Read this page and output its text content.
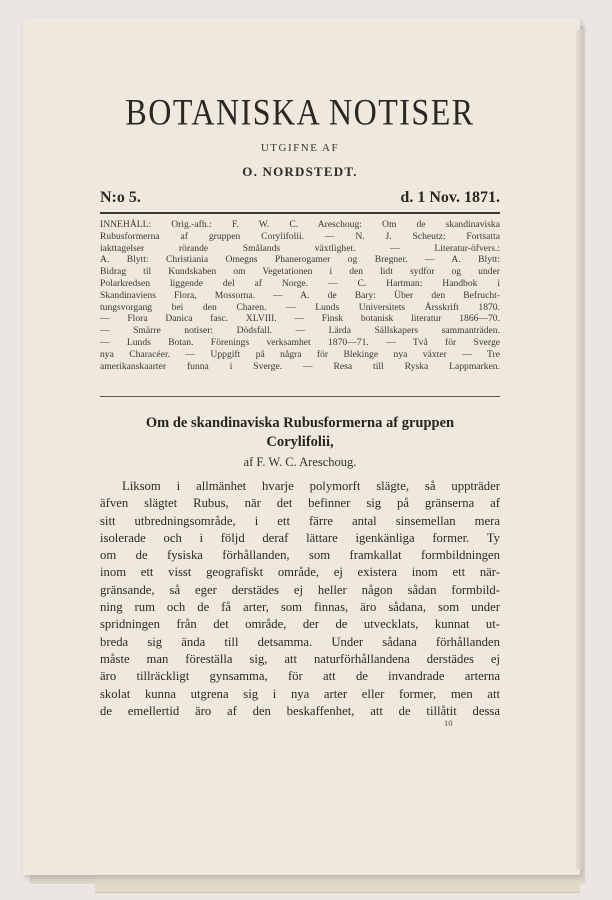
BOTANISKA NOTISER
UTGIFNE AF
O. NORDSTEDT.
N:o 5.	d. 1 Nov. 1871.
INNEHÅLL: Orig.-afh.: F. W. C. Areschoug: Om de skandinaviska
Rubusformerna af gruppen Corylifolii. — N. J. Scheutz: Fortsatta
iakttagelser rörande Smålands växtlighet. — Literatur-öfvers.:
A. Blytt: Christiania Omegns Phanerogamer og Bregner. — A. Blytt:
Bidrag til Kundskaben om Vegetationen i den lidt sydfor og under
Polarkredsen liggende del af Norge. — C. Hartman: Handbok i
Skandinaviens Flora, Mossorna. — A. de Bary: Über den Befrucht-
tungsvorgang bei den Charen. — Lunds Universitets Årsskrift 1870.
— Flora Danica fasc. XLVIII. — Finsk botanisk literatur 1866—70.
— Smärre notiser: Dödsfall. — Lärda Sällskapers sammanträden.
— Lunds Botan. Förenings verksamhet 1870—71. — Två för Sverge
nya Characéer. — Uppgift på några för Blekinge nya växter — Tre
amerikanskaarter funna i Sverge. — Resa till Ryska Lappmarken.
Om de skandinaviska Rubusformerna af gruppen
Corylifolii,
af F. W. C. Areschoug.
Liksom i allmänhet hvarje polymorft slägte, så uppträder
äfven slägtet Rubus, när det befinner sig på gränserna af
sitt utbredningsområde, i ett färre antal sinsemellan mera
isolerade och i följd deraf lättare igenkänliga former. Ty
om de fysiska förhållanden, som framkallat formbildningen
inom ett visst geografiskt område, ej existera inom ett när-
gränsande, så eger derstädes ej heller någon sådan formbild-
ning rum och de få arter, som finnas, äro sådana, som under
spridningen från det område, der de utvecklats, kunnat ut-
breda sig ända till detsamma. Under sådana förhållanden
måste man föreställa sig, att naturförhållandena derstädes ej
äro tillräckligt gynsamma, för att de invandrade arterna
skolat kunna utgrena sig i nya arter eller former, men att
de emellertid äro af den beskaffenhet, att de tillåtit dessa
10
